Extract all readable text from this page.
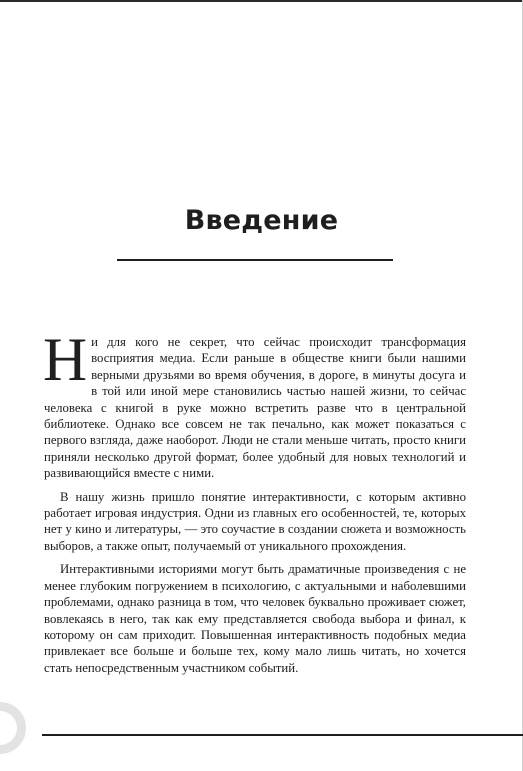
Введение

Ни для кого не секрет, что сейчас происходит трансформация восприятия медиа. Если раньше в обществе книги были нашими верными друзьями во время обучения, в дороге, в минуты досуга и в той или иной мере становились частью нашей жизни, то сейчас человека с книгой в руке можно встретить разве что в центральной библиотеке. Однако все совсем не так печально, как может показаться с первого взгляда, даже наоборот. Люди не стали меньше читать, просто книги приняли несколько другой формат, более удобный для новых технологий и развивающийся вместе с ними.

В нашу жизнь пришло понятие интерактивности, с которым активно работает игровая индустрия. Одни из главных его особенностей, те, которых нет у кино и литературы, — это соучастие в создании сюжета и возможность выборов, а также опыт, получаемый от уникального прохождения.

Интерактивными историями могут быть драматичные произведения с не менее глубоким погружением в психологию, с актуальными и наболевшими проблемами, однако разница в том, что человек буквально проживает сюжет, вовлекаясь в него, так как ему представляется свобода выбора и финал, к которому он сам приходит. Повышенная интерактивность подобных медиа привлекает все больше и больше тех, кому мало лишь читать, но хочется стать непосредственным участником событий.
